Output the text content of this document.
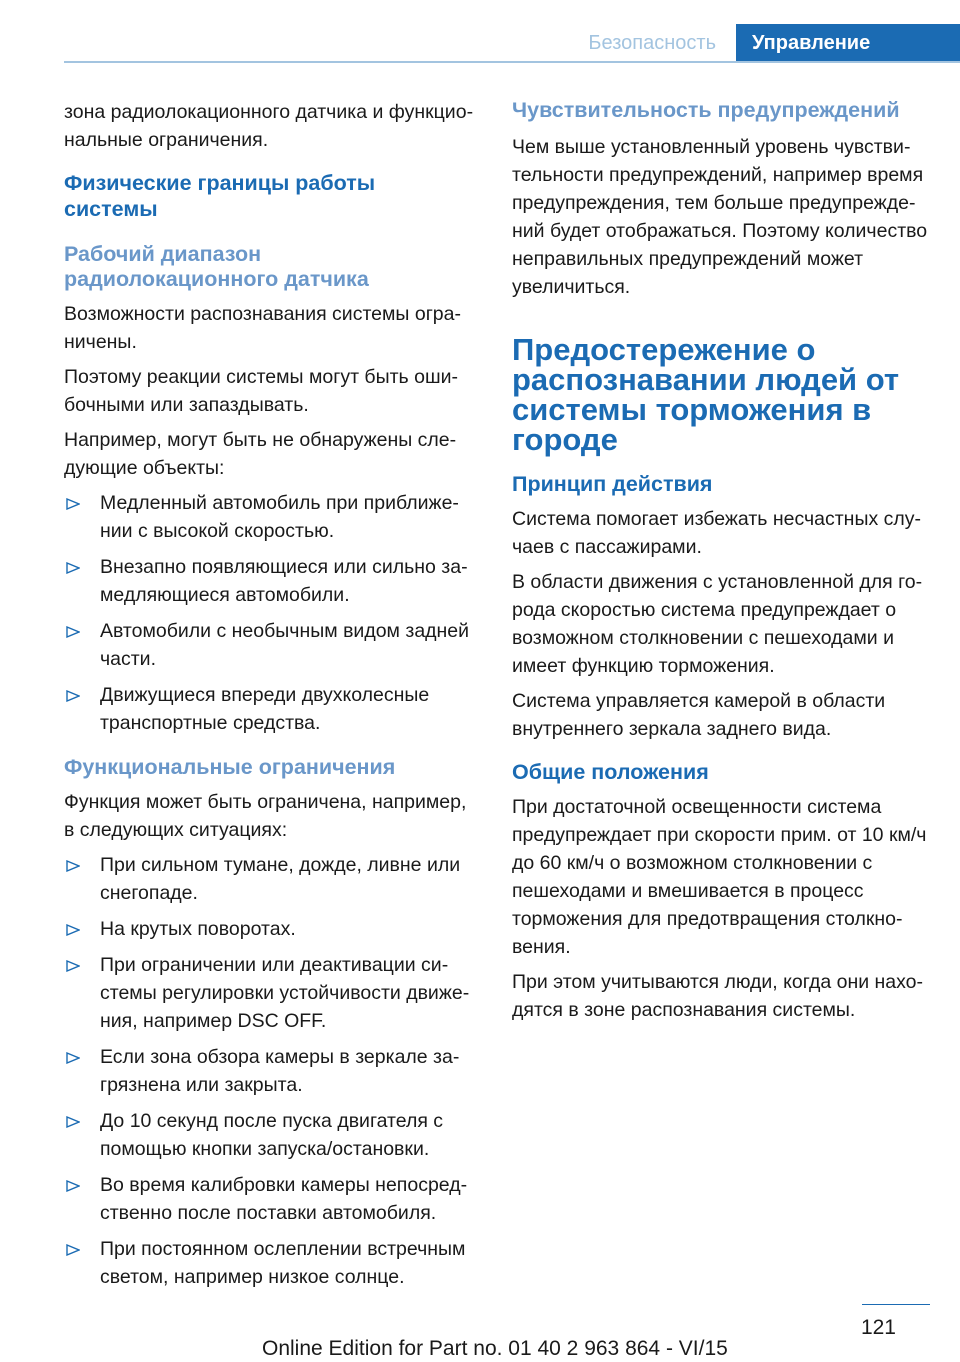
Безопасность	Управление

зона радиолокационного датчика и функциональные ограничения.

Физические границы работы системы
Рабочий диапазон радиолокационного датчика

Возможности распознавания системы ограничены.

Поэтому реакции системы могут быть ошибочными или запаздывать.

Например, могут быть не обнаружены следующие объекты:

Медленный автомобиль при приближении с высокой скоростью.
Внезапно появляющиеся или сильно замедляющиеся автомобили.
Автомобили с необычным видом задней части.
Движущиеся впереди двухколесные транспортные средства.
Функциональные ограничения

Функция может быть ограничена, например, в следующих ситуациях:

При сильном тумане, дожде, ливне или снегопаде.
На крутых поворотах.
При ограничении или деактивации системы регулировки устойчивости движения, например DSC OFF.
Если зона обзора камеры в зеркале загрязнена или закрыта.
До 10 секунд после пуска двигателя с помощью кнопки запуска/остановки.
Во время калибровки камеры непосредственно после поставки автомобиля.
При постоянном ослеплении встречным светом, например низкое солнце.
Чувствительность предупреждений

Чем выше установленный уровень чувствительности предупреждений, например время предупреждения, тем больше предупреждений будет отображаться. Поэтому количество неправильных предупреждений может увеличиться.

Предостережение о распознавании людей от системы торможения в городе
Принцип действия

Система помогает избежать несчастных случаев с пассажирами.

В области движения с установленной для города скоростью система предупреждает о возможном столкновении с пешеходами и имеет функцию торможения.

Система управляется камерой в области внутреннего зеркала заднего вида.

Общие положения

При достаточной освещенности система предупреждает при скорости прим. от 10 км/ч до 60 км/ч о возможном столкновении с пешеходами и вмешивается в процесс торможения для предотвращения столкновения.

При этом учитываются люди, когда они находятся в зоне распознавания системы.

121
Online Edition for Part no. 01 40 2 963 864 - VI/15
